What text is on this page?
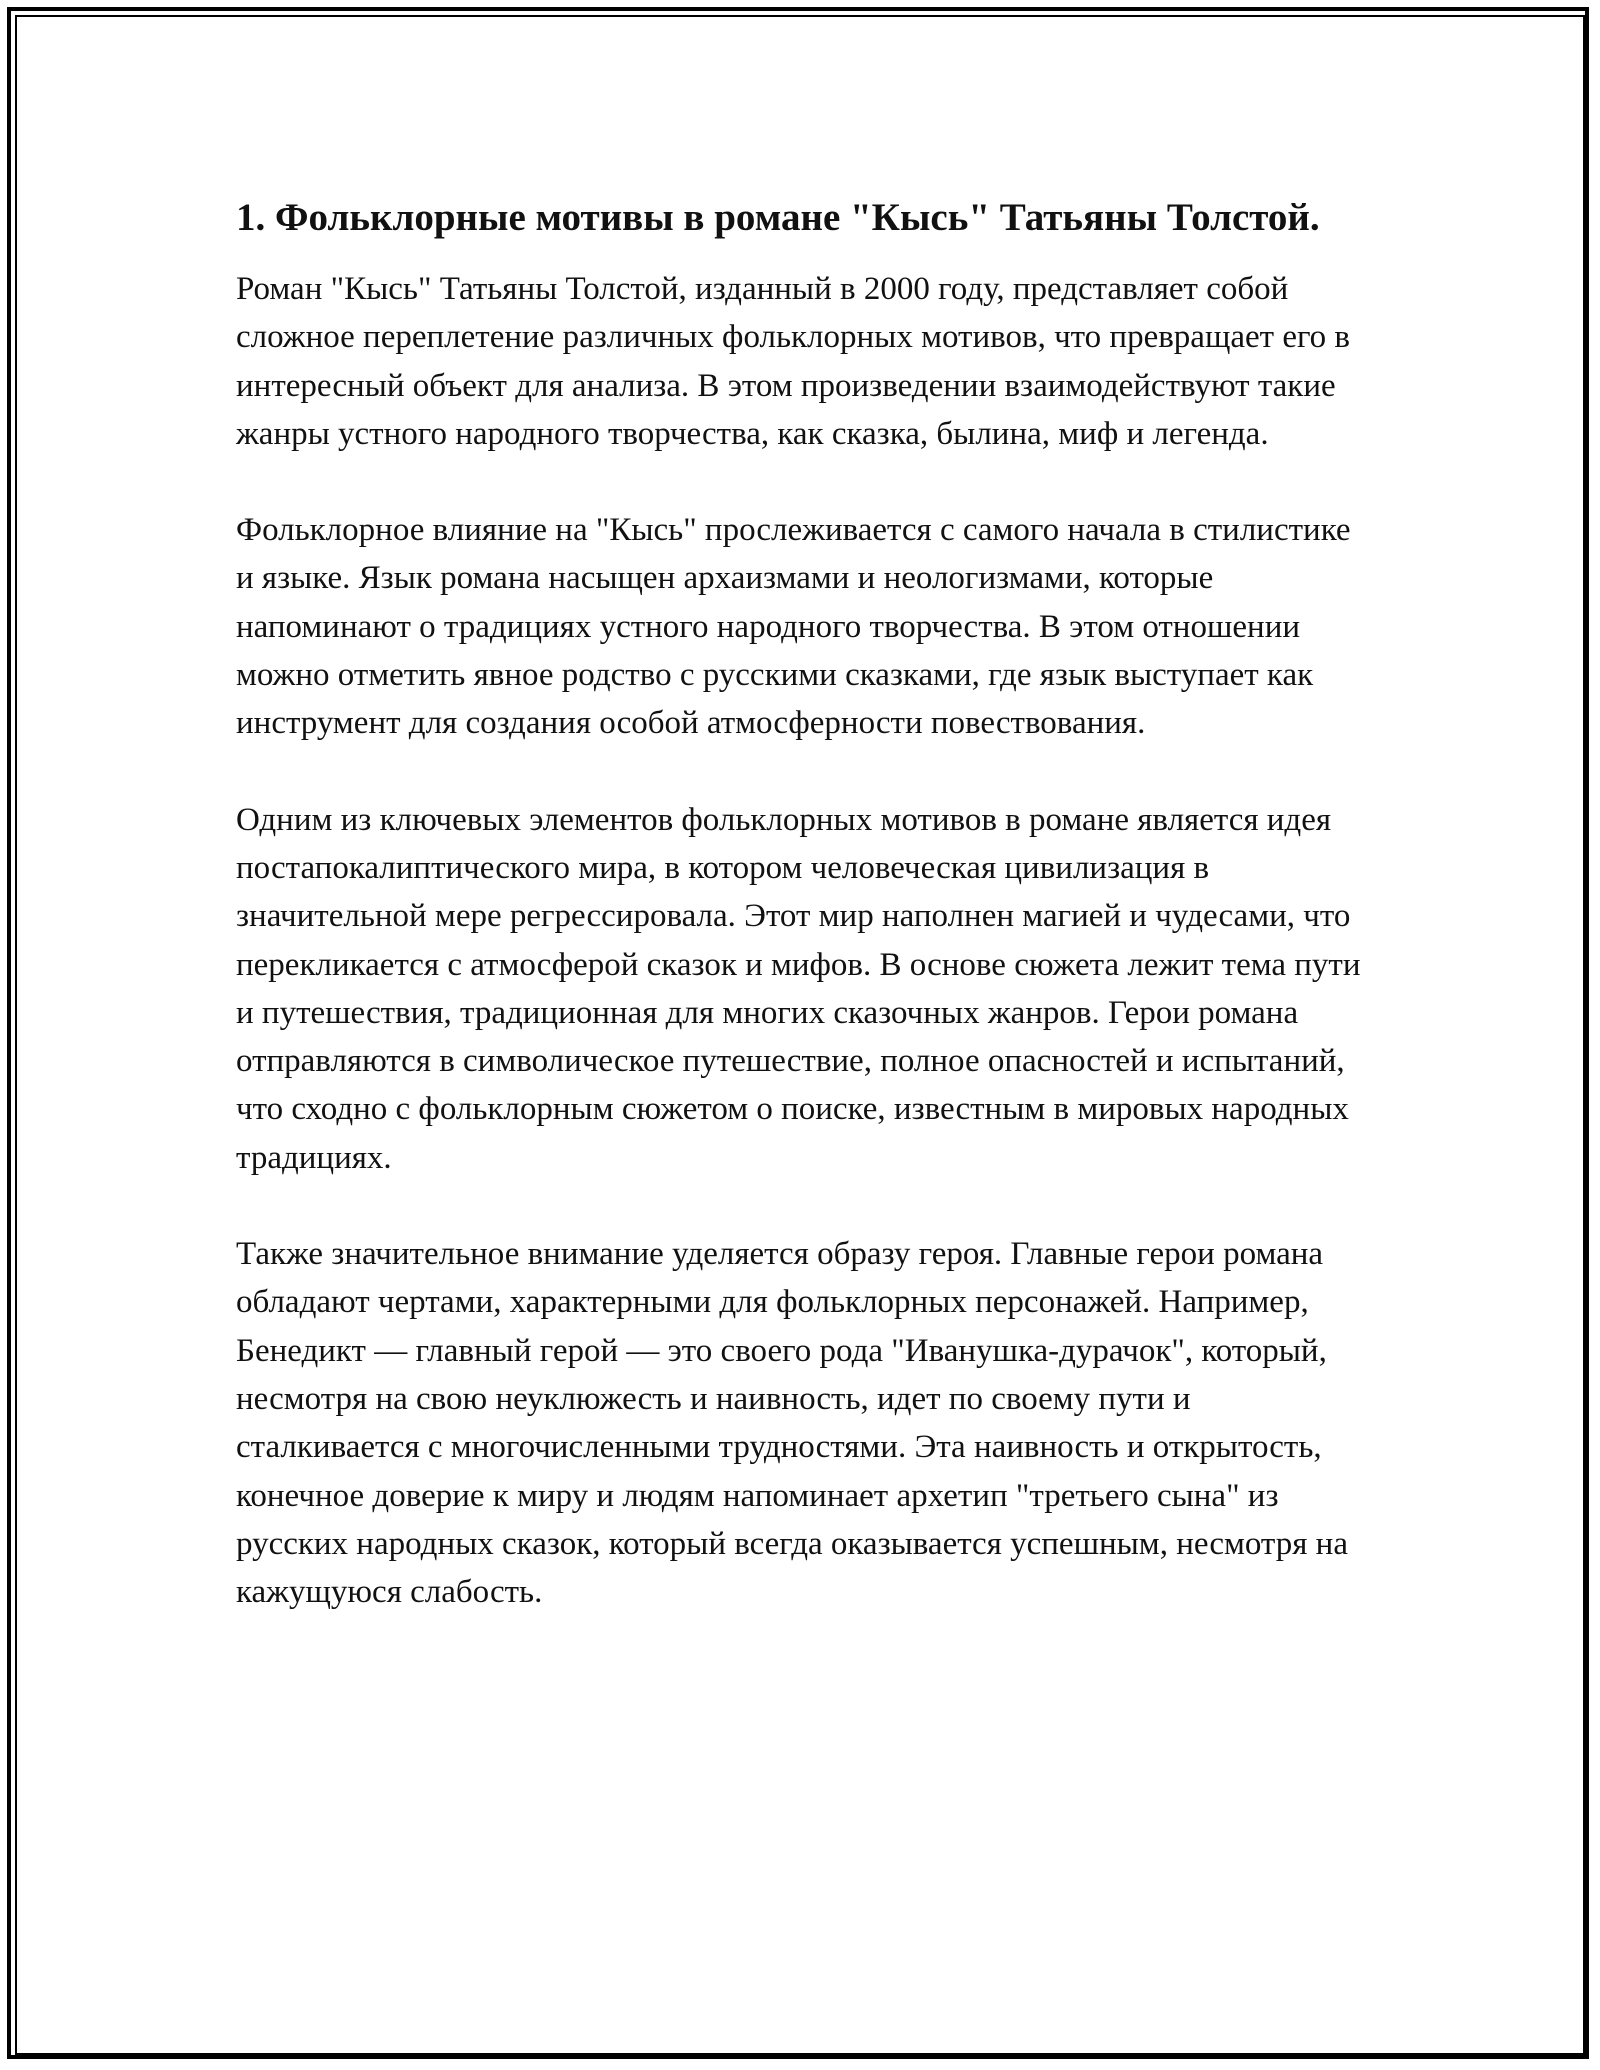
1. Фольклорные мотивы в романе "Кысь" Татьяны Толстой.

Роман "Кысь" Татьяны Толстой, изданный в 2000 году, представляет собой сложное переплетение различных фольклорных мотивов, что превращает его в интересный объект для анализа. В этом произведении взаимодействуют такие жанры устного народного творчества, как сказка, былина, миф и легенда.

Фольклорное влияние на "Кысь" прослеживается с самого начала в стилистике и языке. Язык романа насыщен архаизмами и неологизмами, которые напоминают о традициях устного народного творчества. В этом отношении можно отметить явное родство с русскими сказками, где язык выступает как инструмент для создания особой атмосферности повествования.

Одним из ключевых элементов фольклорных мотивов в романе является идея постапокалиптического мира, в котором человеческая цивилизация в значительной мере регрессировала. Этот мир наполнен магией и чудесами, что перекликается с атмосферой сказок и мифов. В основе сюжета лежит тема пути и путешествия, традиционная для многих сказочных жанров. Герои романа отправляются в символическое путешествие, полное опасностей и испытаний, что сходно с фольклорным сюжетом о поиске, известным в мировых народных традициях.

Также значительное внимание уделяется образу героя. Главные герои романа обладают чертами, характерными для фольклорных персонажей. Например, Бенедикт — главный герой — это своего рода "Иванушка-дурачок", который, несмотря на свою неуклюжесть и наивность, идет по своему пути и сталкивается с многочисленными трудностями. Эта наивность и открытость, конечное доверие к миру и людям напоминает архетип "третьего сына" из русских народных сказок, который всегда оказывается успешным, несмотря на кажущуюся слабость.
